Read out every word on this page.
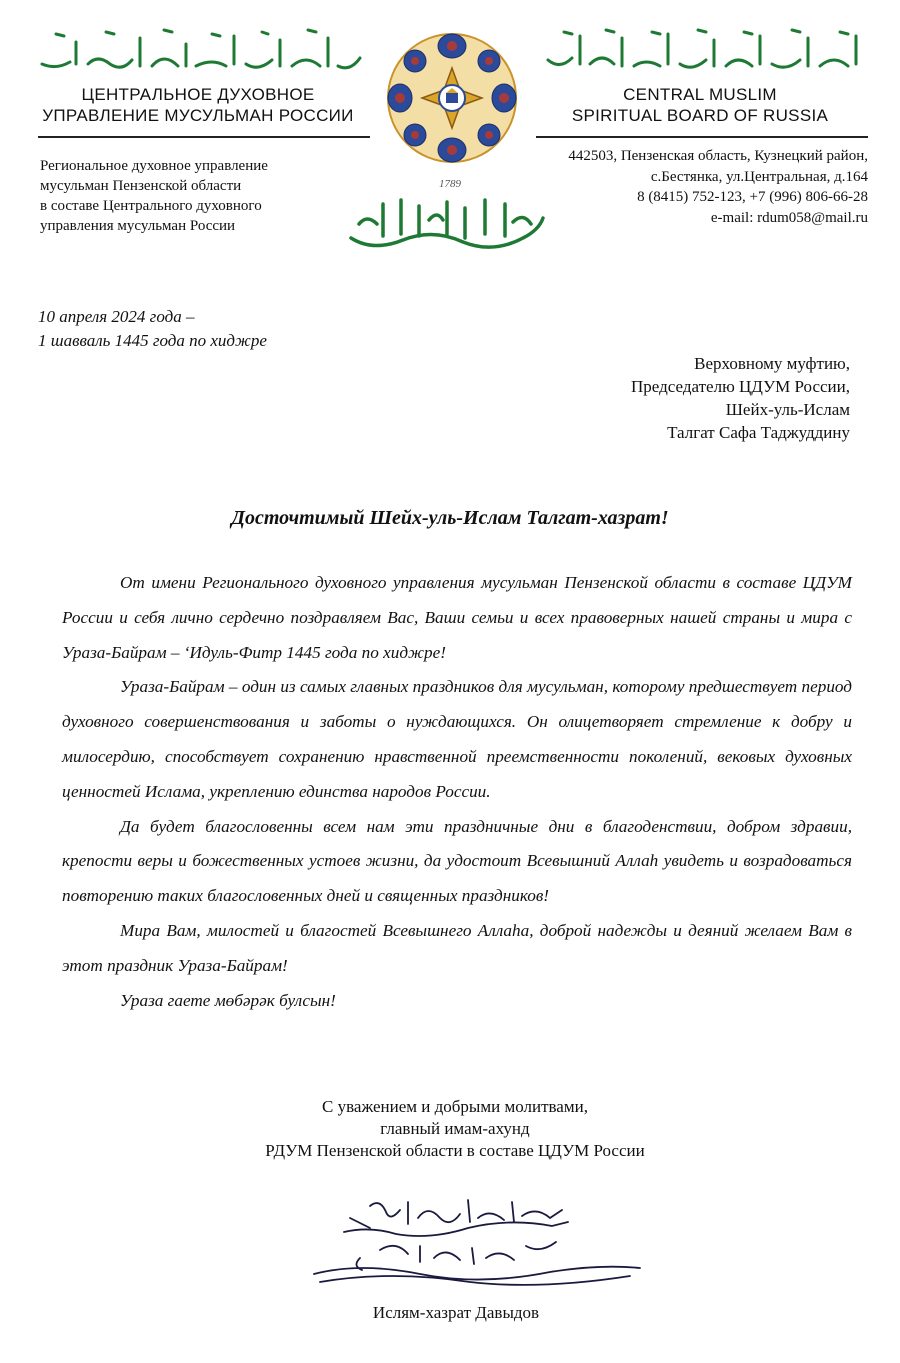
ЦЕНТРАЛЬНОЕ ДУХОВНОЕ
УПРАВЛЕНИЕ МУСУЛЬМАН РОССИИ
1789
CENTRAL MUSLIM
SPIRITUAL BOARD OF RUSSIA
Региональное духовное управление
мусульман Пензенской области
в составе Центрального духовного
управления мусульман России
442503, Пензенская область, Кузнецкий район,
с.Бестянка, ул.Центральная, д.164
8 (8415) 752-123, +7 (996) 806-66-28
e-mail: rdum058@mail.ru
10 апреля 2024 года –
1 шавваль 1445 года по хиджре
Верховному муфтию,
Председателю ЦДУМ России,
Шейх-уль-Ислам
Талгат Сафа Таджуддину
Досточтимый Шейх-уль-Ислам Талгат-хазрат!

От имени Регионального духовного управления мусульман Пензенской области в составе ЦДУМ России и себя лично сердечно поздравляем Вас, Ваши семьи и всех правоверных нашей страны и мира с Ураза-Байрам – ‘Идуль-Фитр 1445 года по хиджре!

Ураза-Байрам – один из самых главных праздников для мусульман, которому предшествует период духовного совершенствования и заботы о нуждающихся. Он олицетворяет стремление к добру и милосердию, способствует сохранению нравственной преемственности поколений, вековых духовных ценностей Ислама, укреплению единства народов России.

Да будет благословенны всем нам эти праздничные дни в благоденствии, добром здравии, крепости веры и божественных устоев жизни, да удостоит Всевышний Аллаһ увидеть и возрадоваться повторению таких благословенных дней и священных праздников!

Мира Вам, милостей и благостей Всевышнего Аллаһа, доброй надежды и деяний желаем Вам в этот праздник Ураза-Байрам!

Ураза гаете мөбәрәк булсын!

С уважением и добрыми молитвами,
главный имам-ахунд
РДУМ Пензенской области в составе ЦДУМ России
Ислям-хазрат Давыдов
